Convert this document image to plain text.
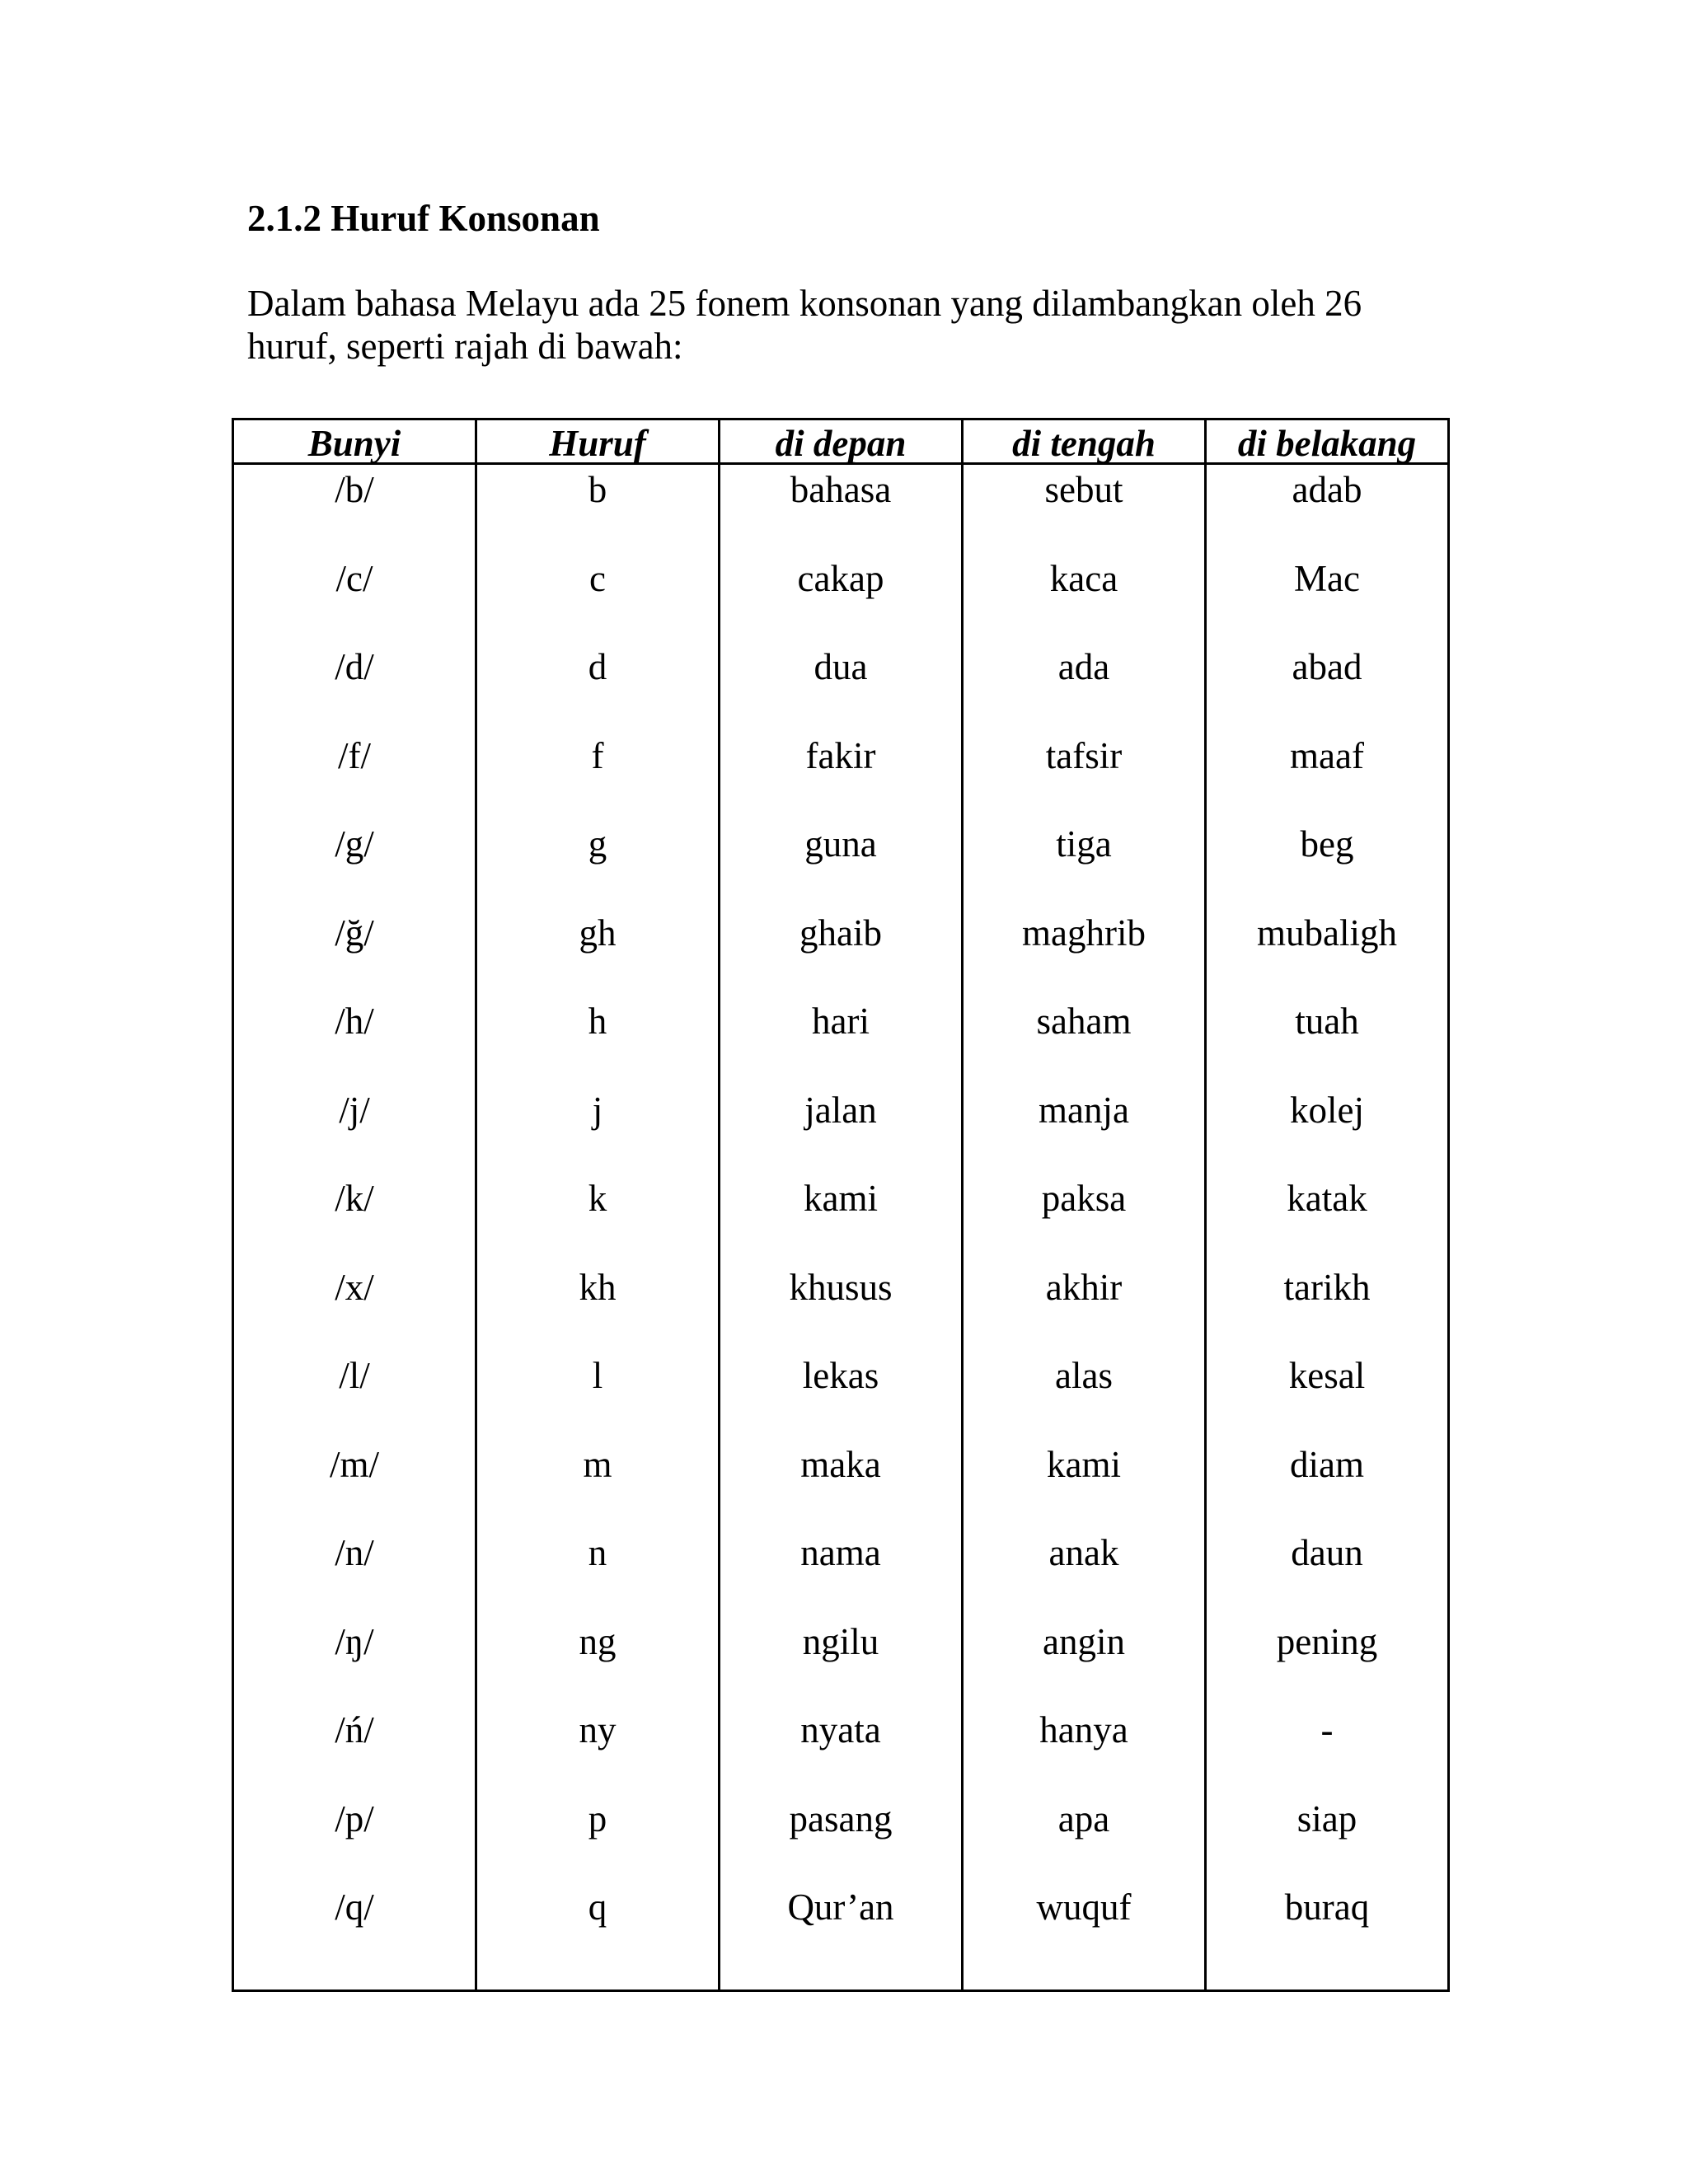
2.1.2 Huruf Konsonan

Dalam bahasa Melayu ada 25 fonem konsonan yang dilambangkan oleh 26
huruf, seperti rajah di bawah:

Bunyi	Huruf	di depan	di tengah	di belakang
/b/	b	bahasa	sebut	adab
/c/	c	cakap	kaca	Mac
/d/	d	dua	ada	abad
/f/	f	fakir	tafsir	maaf
/g/	g	guna	tiga	beg
/ğ/	gh	ghaib	maghrib	mubaligh
/h/	h	hari	saham	tuah
/j/	j	jalan	manja	kolej
/k/	k	kami	paksa	katak
/x/	kh	khusus	akhir	tarikh
/l/	l	lekas	alas	kesal
/m/	m	maka	kami	diam
/n/	n	nama	anak	daun
/ŋ/	ng	ngilu	angin	pening
/ń/	ny	nyata	hanya	-
/p/	p	pasang	apa	siap
/q/	q	Qur’an	wuquf	buraq
